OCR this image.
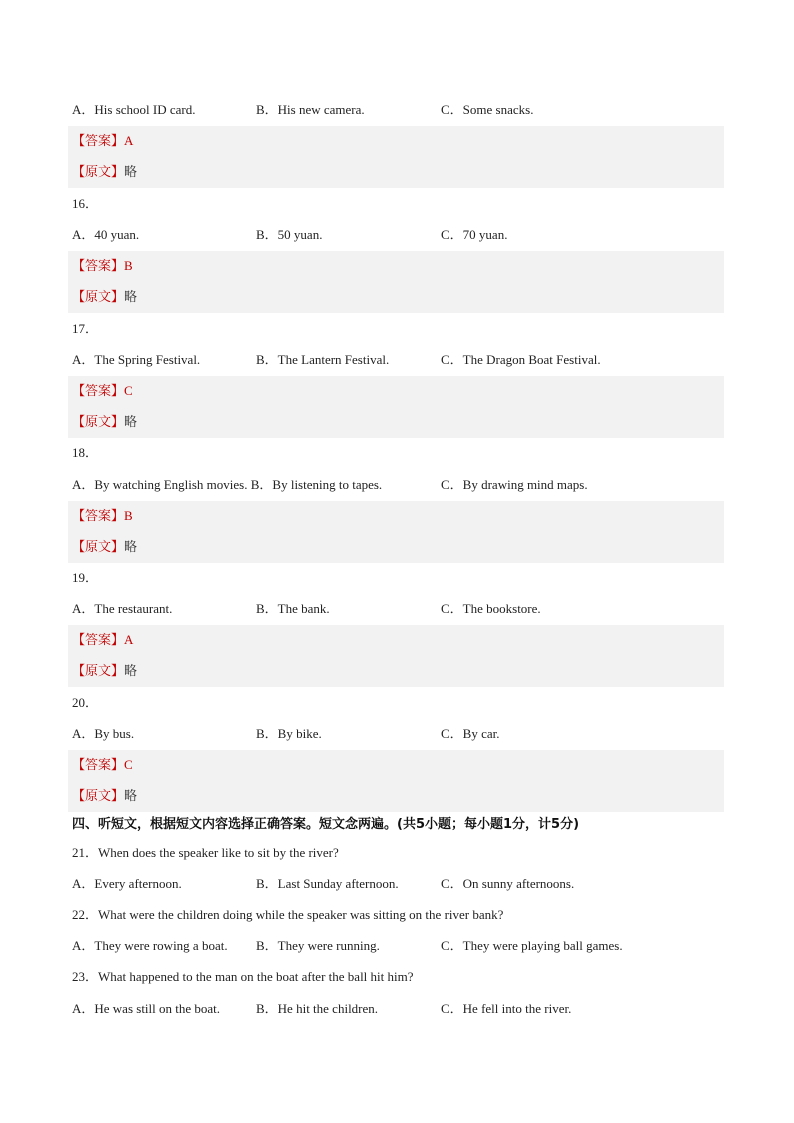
A．His school ID card.	B．His new camera.	C．Some snacks.
【答案】A
【原文】略
16．
A．40 yuan.	B．50 yuan.	C．70 yuan.
【答案】B
【原文】略
17．
A．The Spring Festival.	B．The Lantern Festival.	C．The Dragon Boat Festival.
【答案】C
【原文】略
18．
A．By watching English movies. B．By listening to tapes.	C．By drawing mind maps.
【答案】B
【原文】略
19．
A．The restaurant.	B．The bank.	C．The bookstore.
【答案】A
【原文】略
20．
A．By bus.	B．By bike.	C．By car.
【答案】C
【原文】略
四、听短文，根据短文内容选择正确答案。短文念两遍。(共5小题；每小题1分，计5分)
21．When does the speaker like to sit by the river?
A．Every afternoon.	B．Last Sunday afternoon.	C．On sunny afternoons.
22．What were the children doing while the speaker was sitting on the river bank?
A．They were rowing a boat. B．They were running.	C．They were playing ball games.
23．What happened to the man on the boat after the ball hit him?
A．He was still on the boat.	B．He hit the children.	C．He fell into the river.
